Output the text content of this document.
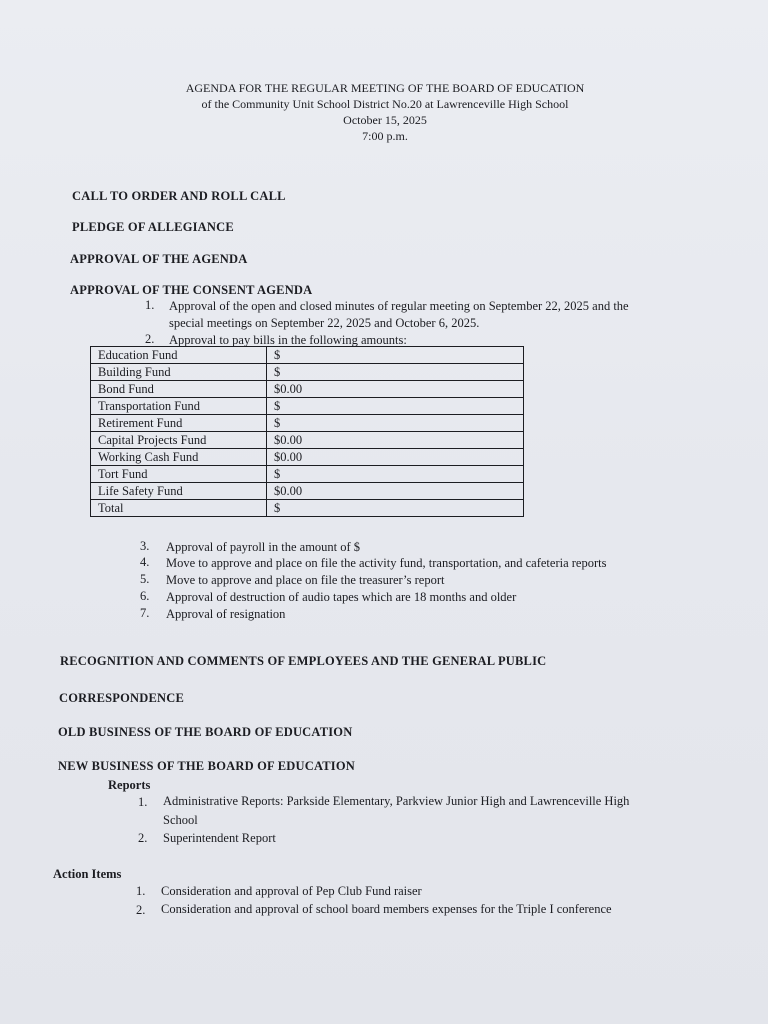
AGENDA FOR THE REGULAR MEETING OF THE BOARD OF EDUCATION
of the Community Unit School District No.20 at Lawrenceville High School
October 15, 2025
7:00 p.m.
CALL TO ORDER AND ROLL CALL
PLEDGE OF ALLEGIANCE
APPROVAL OF THE AGENDA
APPROVAL OF THE CONSENT AGENDA
1. Approval of the open and closed minutes of regular meeting on September 22, 2025 and the
special meetings on September 22, 2025 and October 6, 2025.
2. Approval to pay bills in the following amounts:
Education Fund	$
Building Fund	$
Bond Fund	$0.00
Transportation Fund	$
Retirement Fund	$
Capital Projects Fund	$0.00
Working Cash Fund	$0.00
Tort Fund	$
Life Safety Fund	$0.00
Total	$
3. Approval of payroll in the amount of $
4. Move to approve and place on file the activity fund, transportation, and cafeteria reports
5. Move to approve and place on file the treasurer’s report
6. Approval of destruction of audio tapes which are 18 months and older
7. Approval of resignation
RECOGNITION AND COMMENTS OF EMPLOYEES AND THE GENERAL PUBLIC
CORRESPONDENCE
OLD BUSINESS OF THE BOARD OF EDUCATION
NEW BUSINESS OF THE BOARD OF EDUCATION
Reports
1. Administrative Reports: Parkside Elementary, Parkview Junior High and Lawrenceville High
School
2. Superintendent Report
Action Items
1. Consideration and approval of Pep Club Fund raiser
2. Consideration and approval of school board members expenses for the Triple I conference
